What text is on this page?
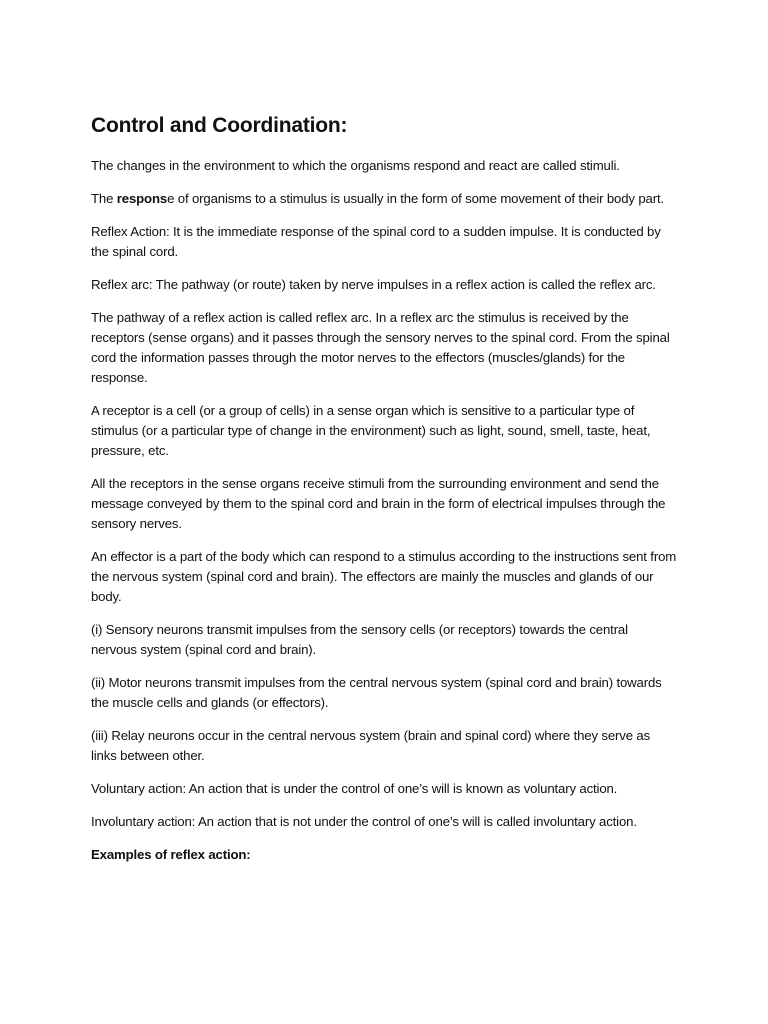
Control and Coordination:

The changes in the environment to which the organisms respond and react are called stimuli.

The response of organisms to a stimulus is usually in the form of some movement of their body part.

Reflex Action: It is the immediate response of the spinal cord to a sudden impulse. It is conducted by the spinal cord.

Reflex arc: The pathway (or route) taken by nerve impulses in a reflex action is called the reflex arc.

The pathway of a reflex action is called reflex arc. In a reflex arc the stimulus is received by the receptors (sense organs) and it passes through the sensory nerves to the spinal cord. From the spinal cord the information passes through the motor nerves to the effectors (muscles/glands) for the response.

A receptor is a cell (or a group of cells) in a sense organ which is sensitive to a particular type of stimulus (or a particular type of change in the environment) such as light, sound, smell, taste, heat, pressure, etc.

All the receptors in the sense organs receive stimuli from the surrounding environment and send the message conveyed by them to the spinal cord and brain in the form of electrical impulses through the sensory nerves.

An effector is a part of the body which can respond to a stimulus according to the instructions sent from the nervous system (spinal cord and brain). The effectors are mainly the muscles and glands of our body.

(i) Sensory neurons transmit impulses from the sensory cells (or receptors) towards the central nervous system (spinal cord and brain).

(ii) Motor neurons transmit impulses from the central nervous system (spinal cord and brain) towards the muscle cells and glands (or effectors).

(iii) Relay neurons occur in the central nervous system (brain and spinal cord) where they serve as links between other.

Voluntary action: An action that is under the control of one’s will is known as voluntary action.

Involuntary action: An action that is not under the control of one’s will is called involuntary action.

Examples of reflex action:
